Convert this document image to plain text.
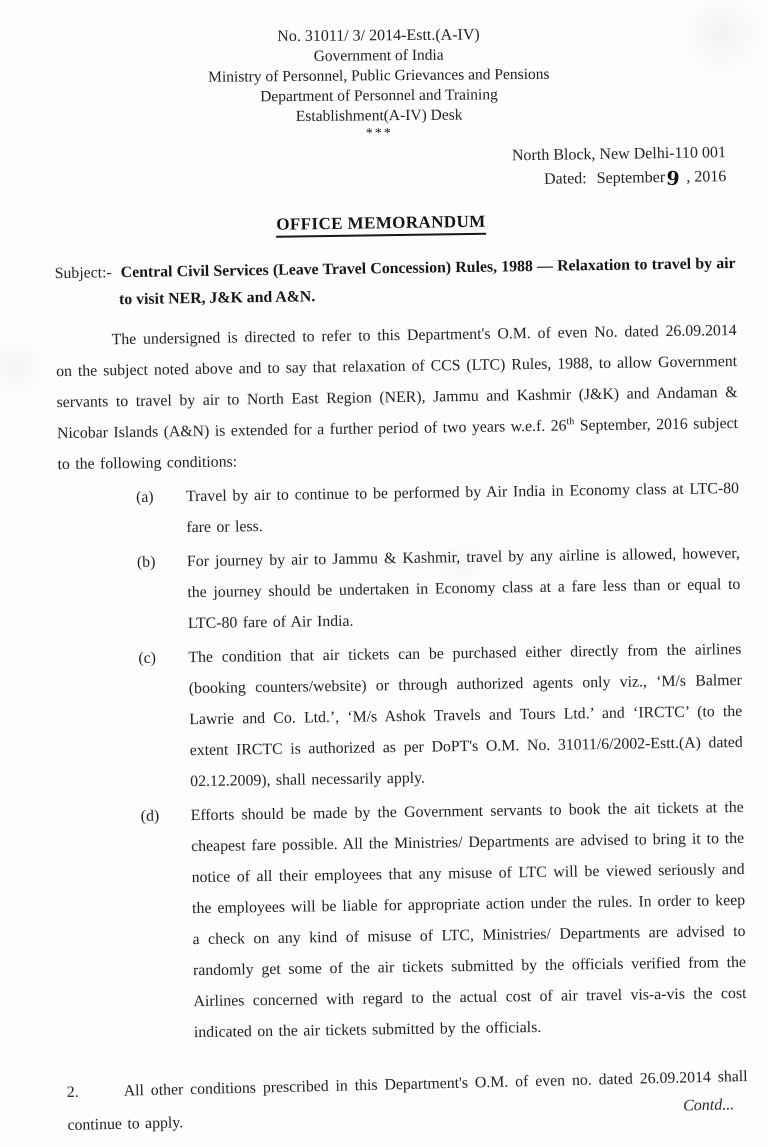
No. 31011/ 3/ 2014-Estt.(A-IV)
Government of India
Ministry of Personnel, Public Grievances and Pensions
Department of Personnel and Training
Establishment(A-IV) Desk
***
North Block, New Delhi-110 001
Dated: September9 , 2016
OFFICE MEMORANDUM
Subject:- Central Civil Services (Leave Travel Concession) Rules, 1988 — Relaxation to travel by air to visit NER, J&K and A&N.

The undersigned is directed to refer to this Department's O.M. of even No. dated 26.09.2014 on the subject noted above and to say that relaxation of CCS (LTC) Rules, 1988, to allow Government servants to travel by air to North East Region (NER), Jammu and Kashmir (J&K) and Andaman & Nicobar Islands (A&N) is extended for a further period of two years w.e.f. 26th September, 2016 subject to the following conditions:

(a) Travel by air to continue to be performed by Air India in Economy class at LTC-80 fare or less.
(b) For journey by air to Jammu & Kashmir, travel by any airline is allowed, however, the journey should be undertaken in Economy class at a fare less than or equal to LTC-80 fare of Air India.
(c) The condition that air tickets can be purchased either directly from the airlines (booking counters/website) or through authorized agents only viz., ‘M/s Balmer Lawrie and Co. Ltd.’, ‘M/s Ashok Travels and Tours Ltd.’ and ‘IRCTC’ (to the extent IRCTC is authorized as per DoPT's O.M. No. 31011/6/2002-Estt.(A) dated 02.12.2009), shall necessarily apply.
(d) Efforts should be made by the Government servants to book the ait tickets at the cheapest fare possible. All the Ministries/ Departments are advised to bring it to the notice of all their employees that any misuse of LTC will be viewed seriously and the employees will be liable for appropriate action under the rules. In order to keep a check on any kind of misuse of LTC, Ministries/ Departments are advised to randomly get some of the air tickets submitted by the officials verified from the Airlines concerned with regard to the actual cost of air travel vis-a-vis the cost indicated on the air tickets submitted by the officials.

2.	All other conditions prescribed in this Department's O.M. of even no. dated 26.09.2014 shall continue to apply.

Contd...
